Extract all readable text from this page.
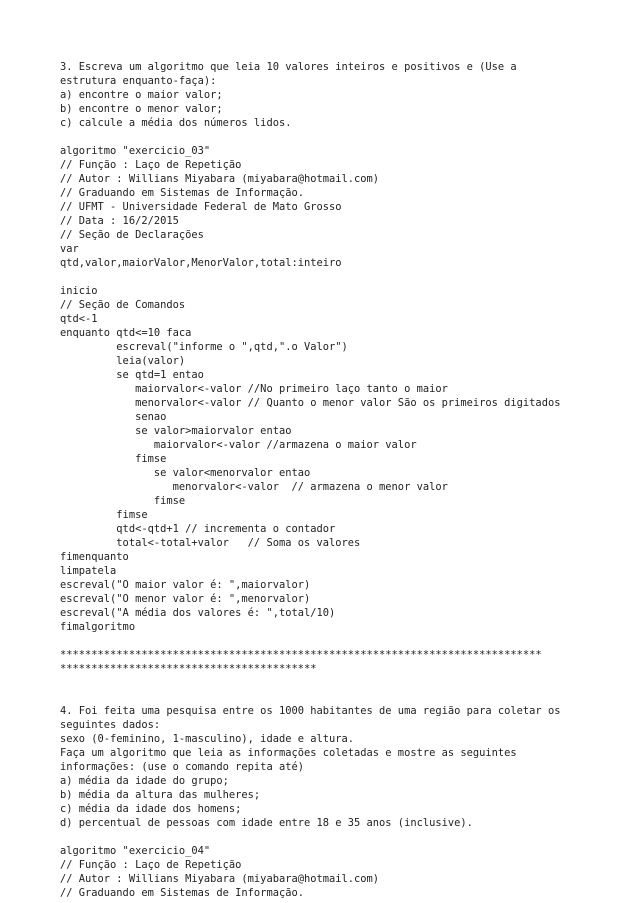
3. Escreva um algoritmo que leia 10 valores inteiros e positivos e (Use a
estrutura enquanto-faça):
a) encontre o maior valor;
b) encontre o menor valor;
c) calcule a média dos números lidos.
algoritmo "exercicio_03"
// Função : Laço de Repetição
// Autor : Willians Miyabara (miyabara@hotmail.com)
// Graduando em Sistemas de Informação.
// UFMT - Universidade Federal de Mato Grosso
// Data : 16/2/2015
// Seção de Declarações
var
qtd,valor,maiorValor,MenorValor,total:inteiro
inicio
// Seção de Comandos
qtd<-1
enquanto qtd<=10 faca
escreval("informe o ",qtd,".o Valor")
leia(valor)
se qtd=1 entao
maiorvalor<-valor //No primeiro laço tanto o maior
menorvalor<-valor // Quanto o menor valor São os primeiros digitados
senao
se valor>maiorvalor entao
maiorvalor<-valor //armazena o maior valor
fimse
se valor<menorvalor entao
menorvalor<-valor  // armazena o menor valor
fimse
fimse
qtd<-qtd+1 // incrementa o contador
total<-total+valor   // Soma os valores
fimenquanto
limpatela
escreval("O maior valor é: ",maiorvalor)
escreval("O menor valor é: ",menorvalor)
escreval("A média dos valores é: ",total/10)
fimalgoritmo
*****************************************************************************
*****************************************
4. Foi feita uma pesquisa entre os 1000 habitantes de uma região para coletar os
seguintes dados:
sexo (0-feminino, 1-masculino), idade e altura.
Faça um algoritmo que leia as informações coletadas e mostre as seguintes
informações: (use o comando repita até)
a) média da idade do grupo;
b) média da altura das mulheres;
c) média da idade dos homens;
d) percentual de pessoas com idade entre 18 e 35 anos (inclusive).
algoritmo "exercicio_04"
// Função : Laço de Repetição
// Autor : Willians Miyabara (miyabara@hotmail.com)
// Graduando em Sistemas de Informação.
